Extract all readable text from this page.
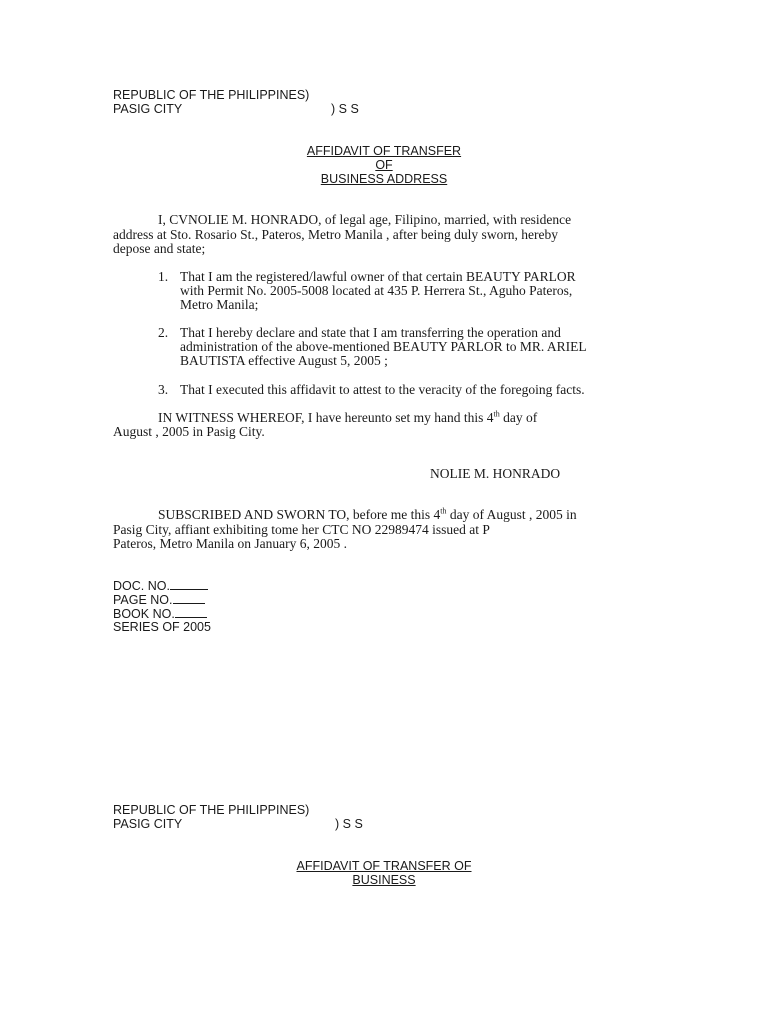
REPUBLIC OF THE PHILIPPINES)
PASIG CITY	) S S
AFFIDAVIT OF TRANSFER
OF
BUSINESS ADDRESS
I, CVNOLIE M. HONRADO, of legal age, Filipino, married, with residence
address at Sto. Rosario St., Pateros, Metro Manila , after being duly sworn, hereby
depose and state;
1. That I am the registered/lawful owner of that certain BEAUTY PARLOR
with Permit No. 2005-5008 located at 435 P. Herrera St., Aguho Pateros,
Metro Manila;
2. That I hereby declare and state that I am transferring the operation and
administration of the above-mentioned BEAUTY PARLOR to MR. ARIEL
BAUTISTA effective August 5, 2005 ;
3. That I executed this affidavit to attest to the veracity of the foregoing facts.
IN WITNESS WHEREOF, I have hereunto set my hand this 4th day of
August , 2005 in Pasig City.
NOLIE M. HONRADO
SUBSCRIBED AND SWORN TO, before me this 4th day of August , 2005 in
Pasig City, affiant exhibiting tome her CTC NO 22989474 issued at P
Pateros, Metro Manila on January 6, 2005 .
DOC. NO.
PAGE NO.
BOOK NO.
SERIES OF 2005
REPUBLIC OF THE PHILIPPINES)
PASIG CITY	) S S
AFFIDAVIT OF TRANSFER OF
BUSINESS
